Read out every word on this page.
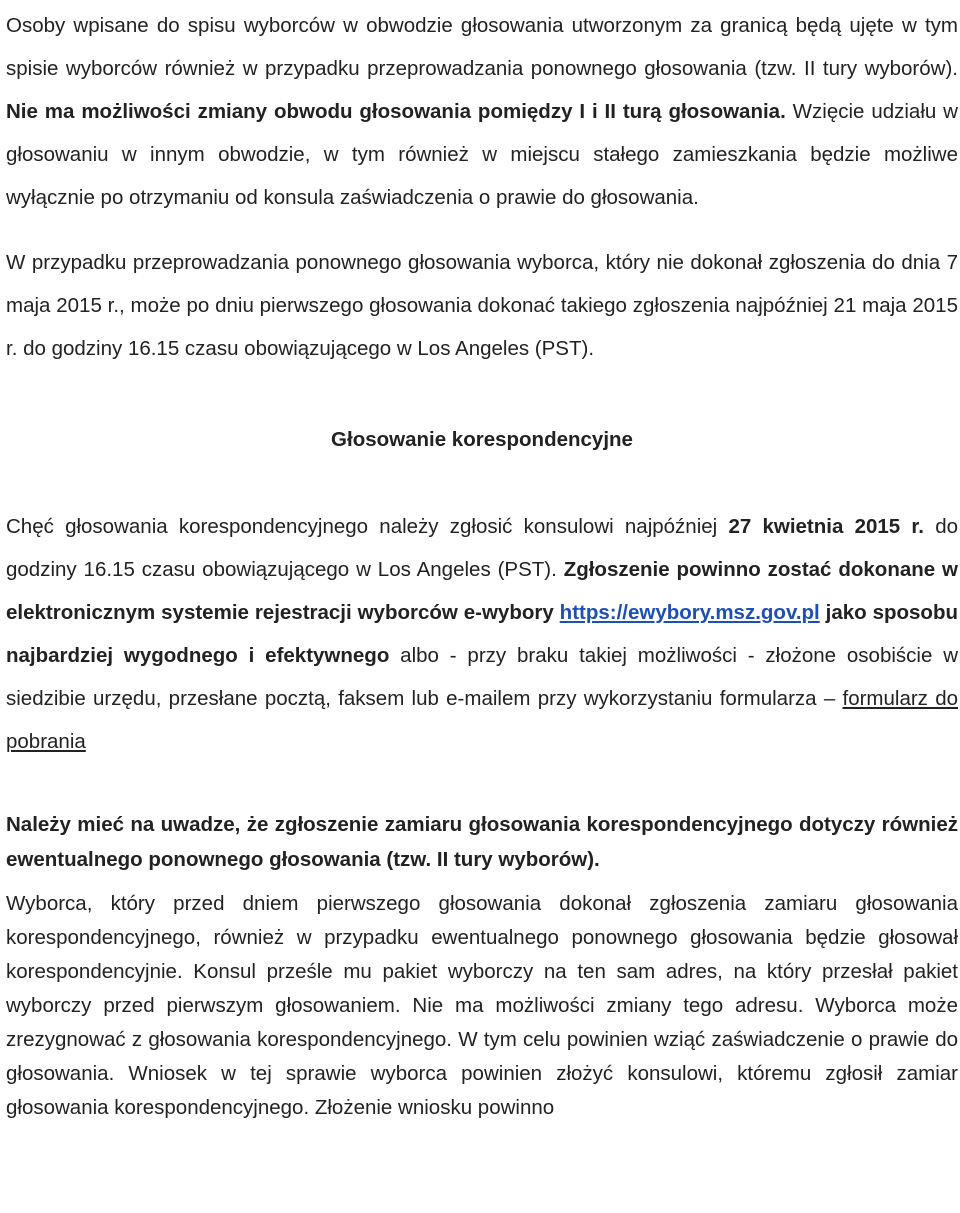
Osoby wpisane do spisu wyborców w obwodzie głosowania utworzonym za granicą będą ujęte w tym spisie wyborców również w przypadku przeprowadzania ponownego głosowania (tzw. II tury wyborów). Nie ma możliwości zmiany obwodu głosowania pomiędzy I i II turą głosowania. Wzięcie udziału w głosowaniu w innym obwodzie, w tym również w miejscu stałego zamieszkania będzie możliwe wyłącznie po otrzymaniu od konsula zaświadczenia o prawie do głosowania.

W przypadku przeprowadzania ponownego głosowania wyborca, który nie dokonał zgłoszenia do dnia 7 maja 2015 r., może po dniu pierwszego głosowania dokonać takiego zgłoszenia najpóźniej 21 maja 2015 r. do godziny 16.15 czasu obowiązującego w Los Angeles (PST).

Głosowanie korespondencyjne

Chęć głosowania korespondencyjnego należy zgłosić konsulowi najpóźniej 27 kwietnia 2015 r. do godziny 16.15 czasu obowiązującego w Los Angeles (PST). Zgłoszenie powinno zostać dokonane w elektronicznym systemie rejestracji wyborców e-wybory https://ewybory.msz.gov.pl jako sposobu najbardziej wygodnego i efektywnego albo - przy braku takiej możliwości - złożone osobiście w siedzibie urzędu, przesłane pocztą, faksem lub e-mailem przy wykorzystaniu formularza – formularz do pobrania

Należy mieć na uwadze, że zgłoszenie zamiaru głosowania korespondencyjnego dotyczy również ewentualnego ponownego głosowania (tzw. II tury wyborów).

Wyborca, który przed dniem pierwszego głosowania dokonał zgłoszenia zamiaru głosowania korespondencyjnego, również w przypadku ewentualnego ponownego głosowania będzie głosował korespondencyjnie. Konsul prześle mu pakiet wyborczy na ten sam adres, na który przesłał pakiet wyborczy przed pierwszym głosowaniem. Nie ma możliwości zmiany tego adresu. Wyborca może zrezygnować z głosowania korespondencyjnego. W tym celu powinien wziąć zaświadczenie o prawie do głosowania. Wniosek w tej sprawie wyborca powinien złożyć konsulowi, któremu zgłosił zamiar głosowania korespondencyjnego. Złożenie wniosku powinno
